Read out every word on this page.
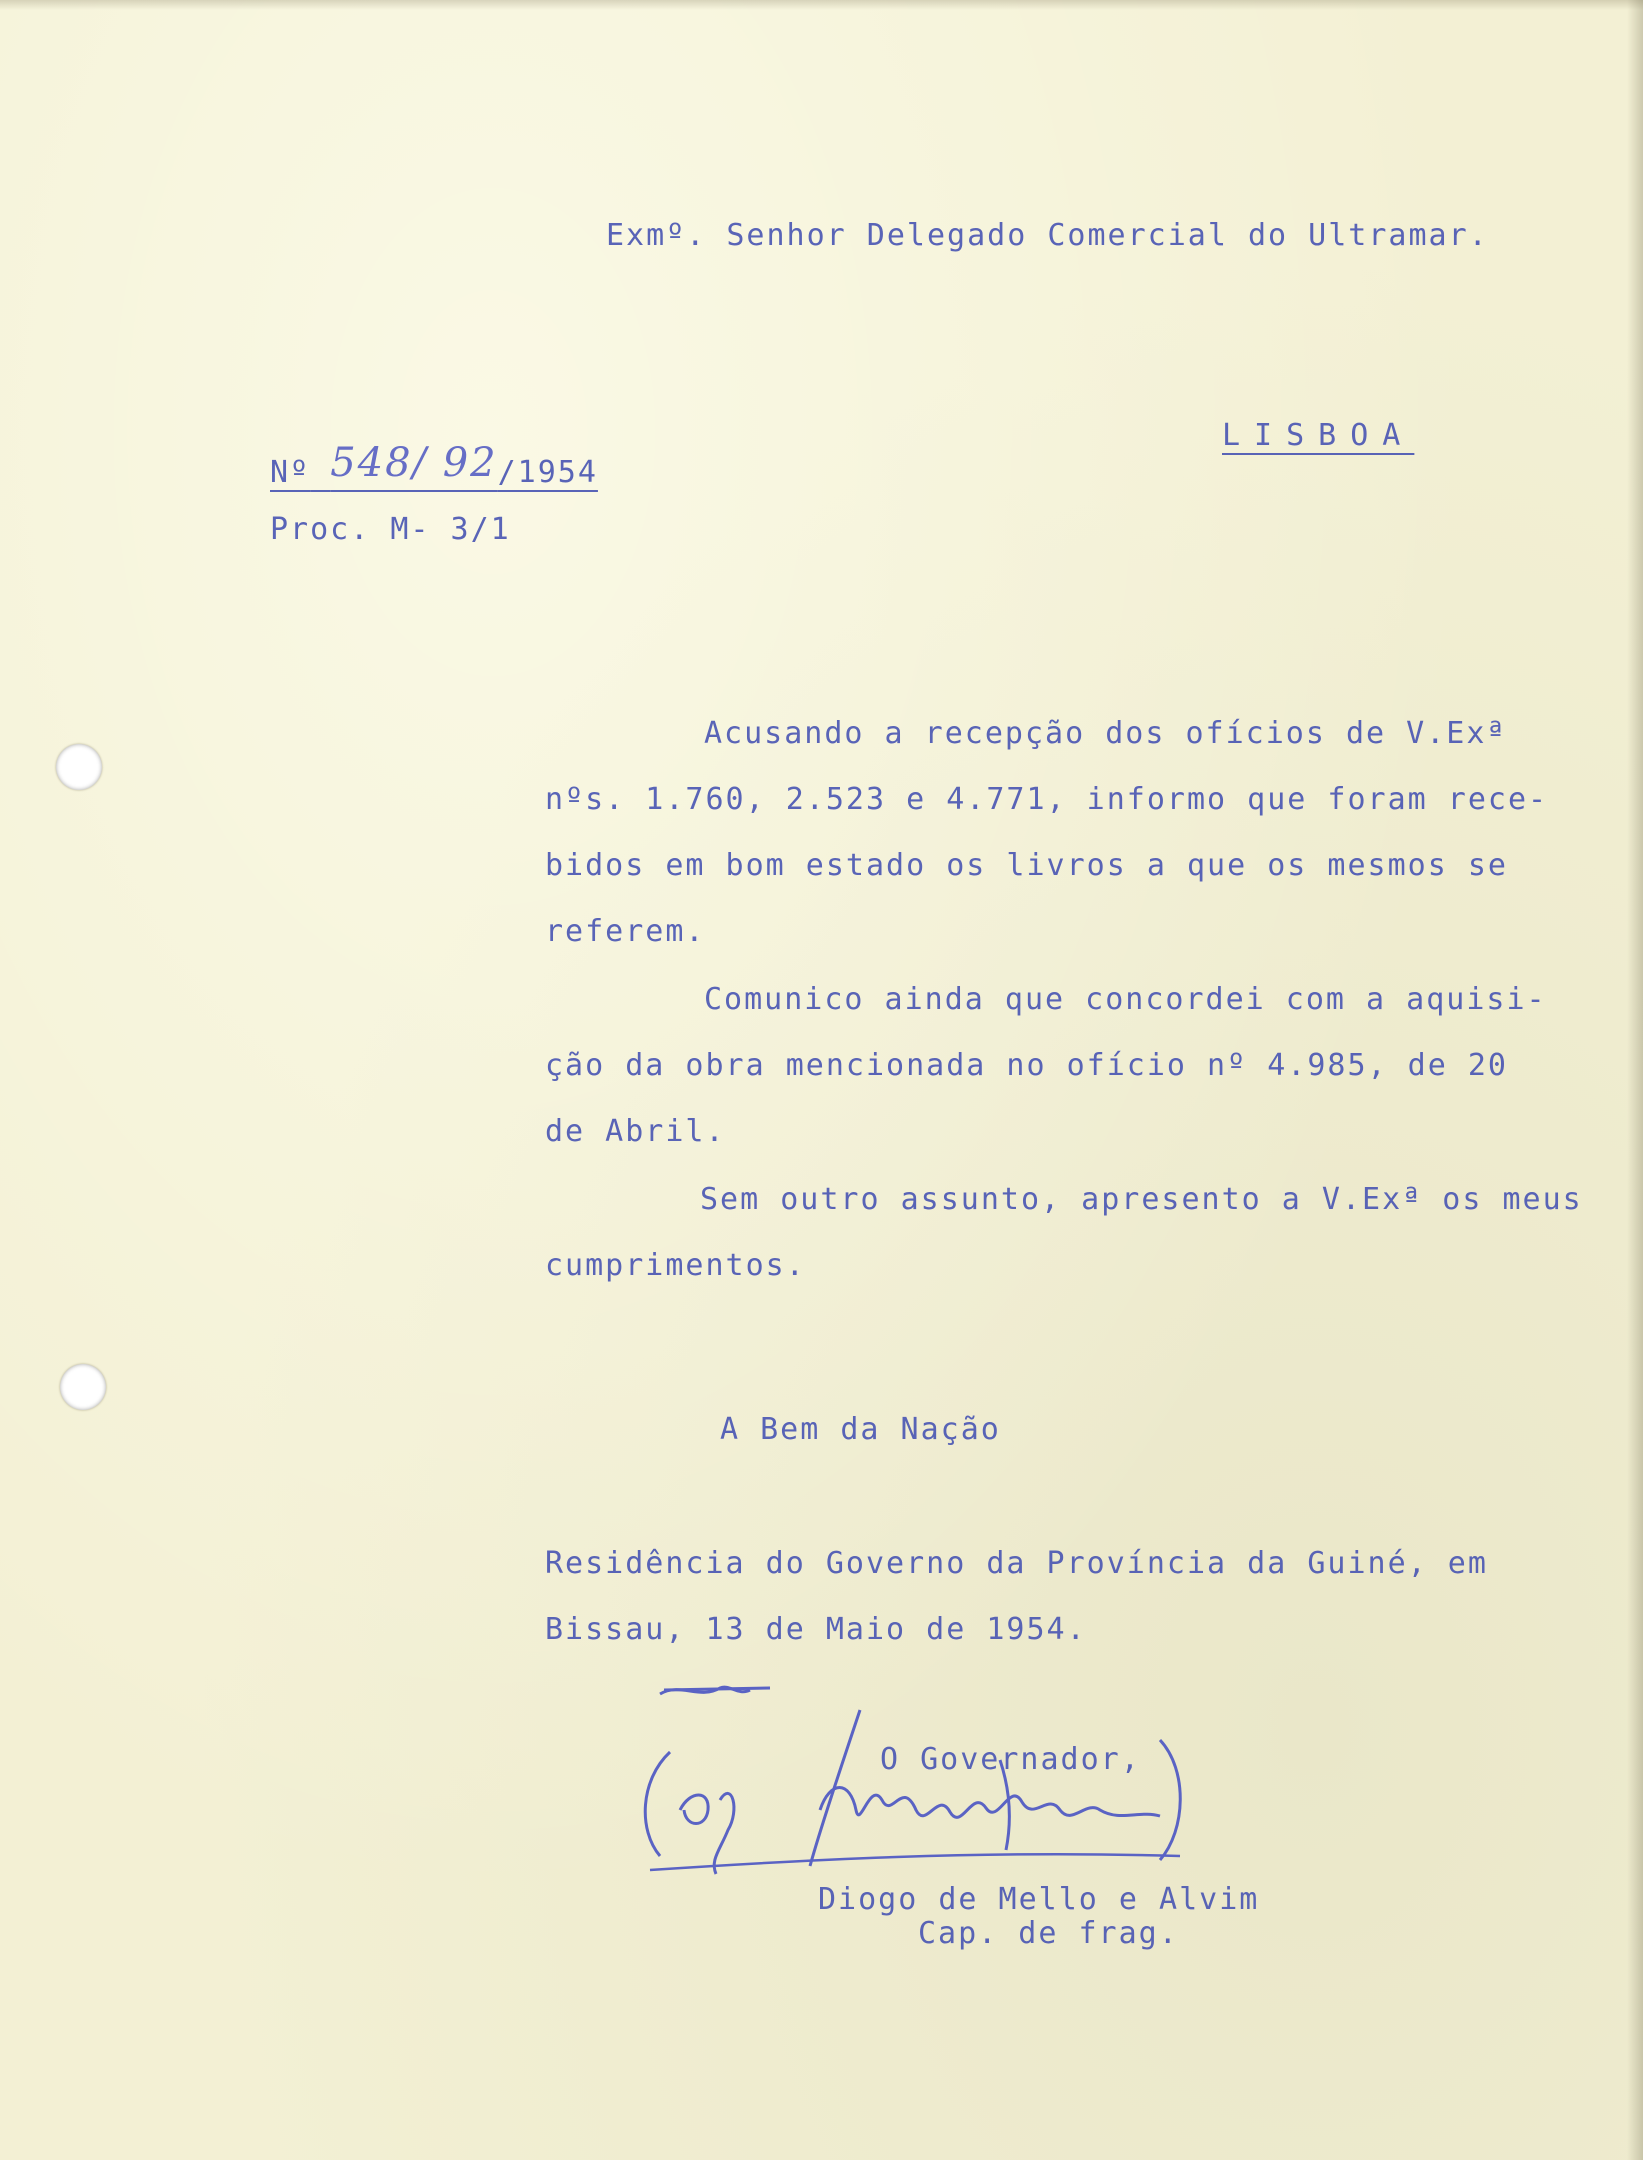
Exmº. Senhor Delegado Comercial do Ultramar.
Nº 548/ 92/1954
Proc. M- 3/1
LISBOA
Acusando a recepção dos ofícios de V.Exª
nºs. 1.760, 2.523 e 4.771, informo que foram rece-
bidos em bom estado os livros a que os mesmos se
referem.
Comunico ainda que concordei com a aquisi-
ção da obra mencionada no ofício nº 4.985, de 20
de Abril.
Sem outro assunto, apresento a V.Exª os meus
cumprimentos.
A Bem da Nação
Residência do Governo da Província da Guiné, em
Bissau, 13 de Maio de 1954.
O Governador,
Diogo de Mello e Alvim
Cap. de frag.
